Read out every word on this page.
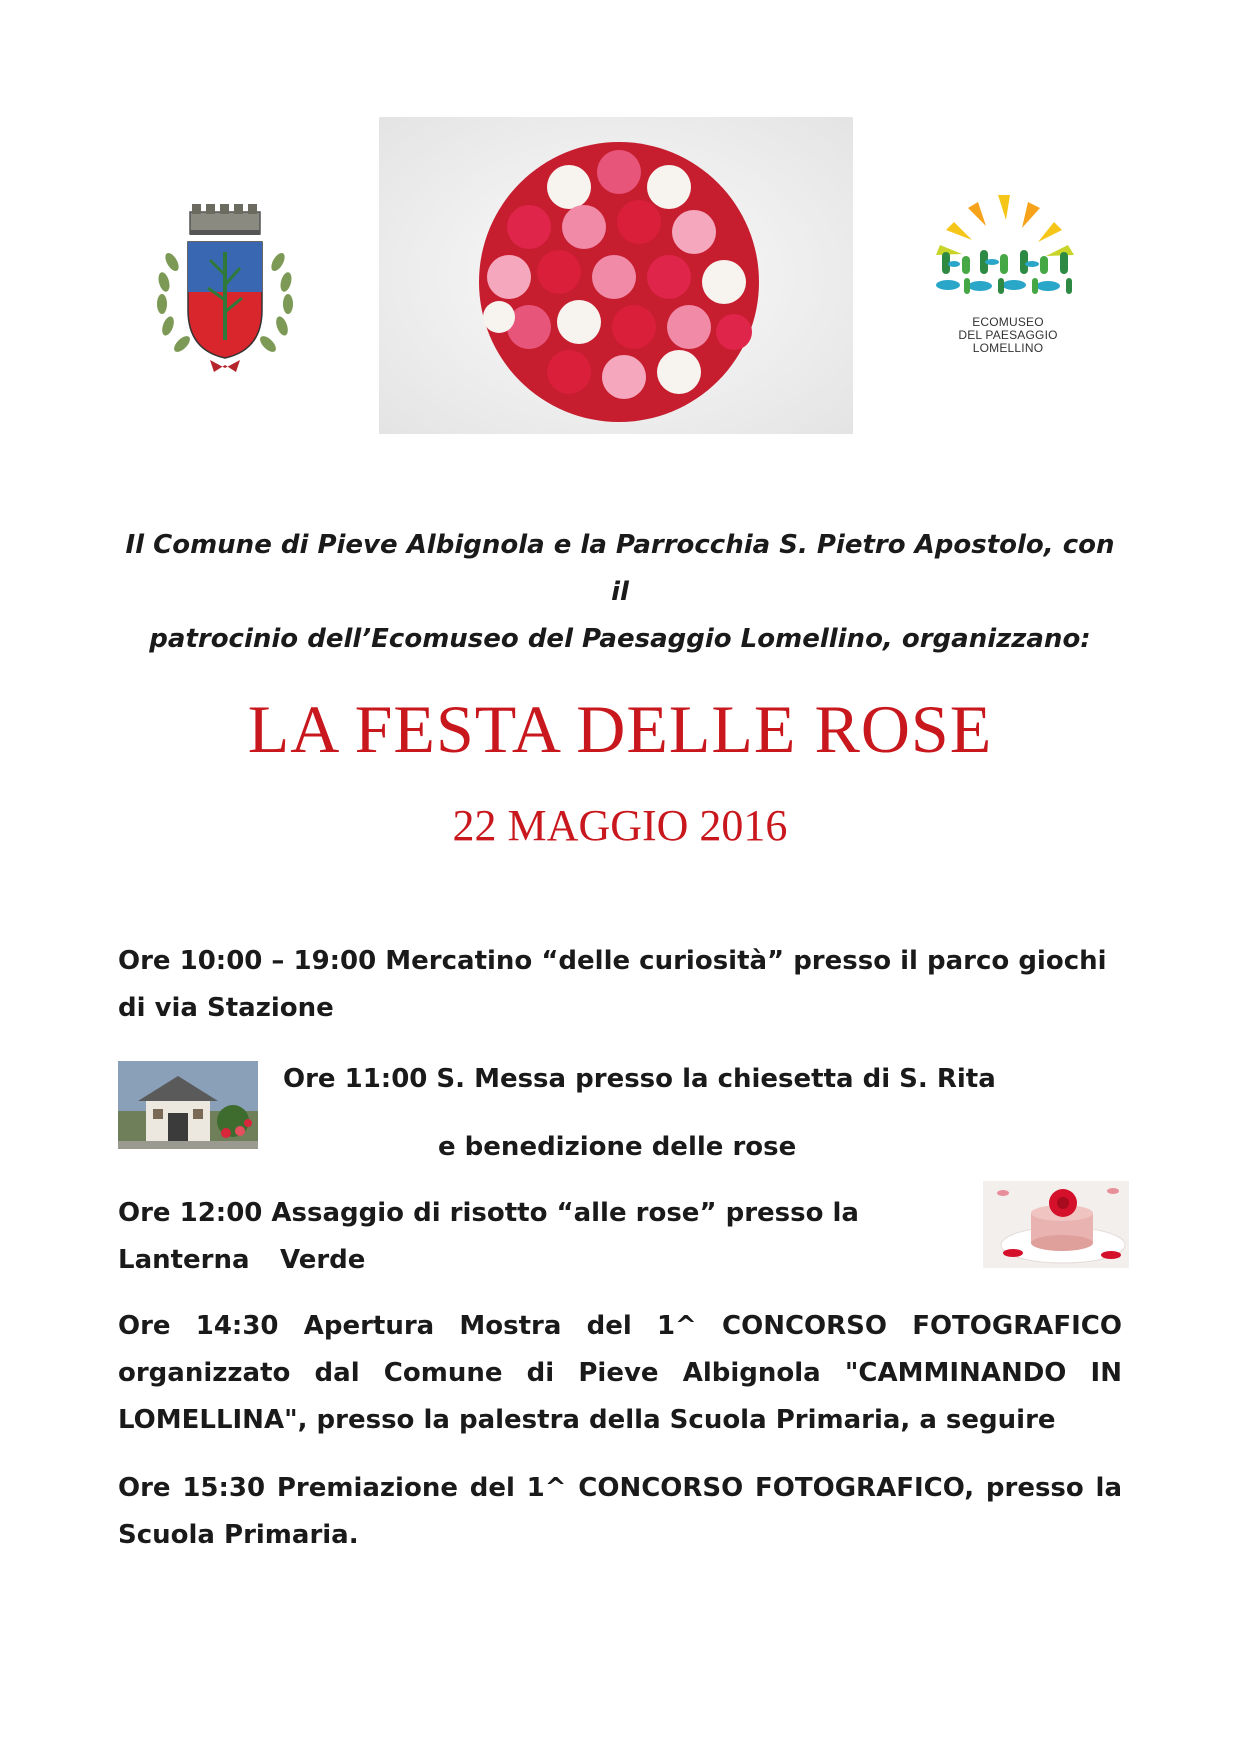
ECOMUSEO
DEL PAESAGGIO
LOMELLINO
Il Comune di Pieve Albignola e la Parrocchia S. Pietro Apostolo, con il
patrocinio dell’Ecomuseo del Paesaggio Lomellino, organizzano:
LA FESTA DELLE ROSE
22 MAGGIO 2016
Ore 10:00 – 19:00 Mercatino “delle curiosità” presso il parco giochi di via Stazione
Ore 11:00 S. Messa presso la chiesetta di S. Rita
e benedizione delle rose
Ore 12:00 Assaggio di risotto “alle rose” presso la Lanterna	Verde
Ore 14:30 Apertura Mostra del 1^ CONCORSO FOTOGRAFICO organizzato dal Comune di Pieve Albignola "CAMMINANDO IN LOMELLINA", presso la palestra della Scuola Primaria, a seguire
Ore 15:30 Premiazione del 1^ CONCORSO FOTOGRAFICO, presso la Scuola Primaria.
